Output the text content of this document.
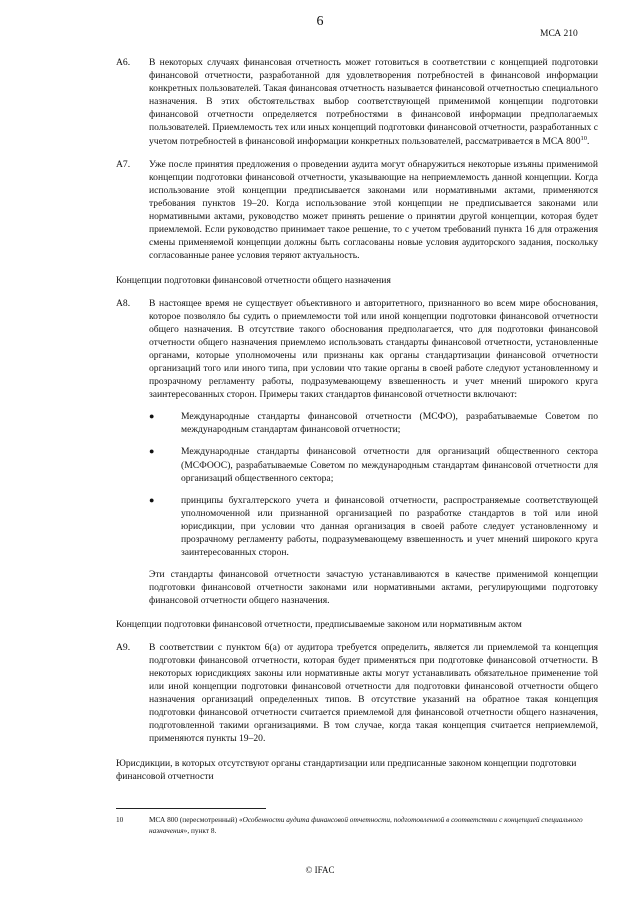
6
МСА 210
A6.	В некоторых случаях финансовая отчетность может готовиться в соответствии с концепцией подготовки финансовой отчетности, разработанной для удовлетворения потребностей в финансовой информации конкретных пользователей. Такая финансовая отчетность называется финансовой отчетностью специального назначения. В этих обстоятельствах выбор соответствующей применимой концепции подготовки финансовой отчетности определяется потребностями в финансовой информации предполагаемых пользователей. Приемлемость тех или иных концепций подготовки финансовой отчетности, разработанных с учетом потребностей в финансовой информации конкретных пользователей, рассматривается в МСА $800^{10}$.

A7.	Уже после принятия предложения о проведении аудита могут обнаружиться некоторые изъяны применимой концепции подготовки финансовой отчетности, указывающие на неприемлемость данной концепции. Когда использование этой концепции предписывается законами или нормативными актами, применяются требования пунктов 19–20. Когда использование этой концепции не предписывается законами или нормативными актами, руководство может принять решение о принятии другой концепции, которая будет приемлемой. Если руководство принимает такое решение, то с учетом требований пункта 16 для отражения смены применяемой концепции должны быть согласованы новые условия аудиторского задания, поскольку согласованные ранее условия теряют актуальность.

Концепции подготовки финансовой отчетности общего назначения
A8.	В настоящее время не существует объективного и авторитетного, признанного во всем мире обоснования, которое позволяло бы судить о приемлемости той или иной концепции подготовки финансовой отчетности общего назначения. В отсутствие такого обоснования предполагается, что для подготовки финансовой отчетности общего назначения приемлемо использовать стандарты финансовой отчетности, установленные органами, которые уполномочены или признаны как органы стандартизации финансовой отчетности организаций того или иного типа, при условии что такие органы в своей работе следуют установленному и прозрачному регламенту работы, подразумевающему взвешенность и учет мнений широкого круга заинтересованных сторон. Примеры таких стандартов финансовой отчетности включают:

●	Международные стандарты финансовой отчетности (МСФО), разрабатываемые Советом по международным стандартам финансовой отчетности;
●	Международные стандарты финансовой отчетности для организаций общественного сектора (МСФООС), разрабатываемые Советом по международным стандартам финансовой отчетности для организаций общественного сектора;
●	принципы бухгалтерского учета и финансовой отчетности, распространяемые соответствующей уполномоченной или признанной организацией по разработке стандартов в той или иной юрисдикции, при условии что данная организация в своей работе следует установленному и прозрачному регламенту работы, подразумевающему взвешенность и учет мнений широкого круга заинтересованных сторон.

Эти стандарты финансовой отчетности зачастую устанавливаются в качестве применимой концепции подготовки финансовой отчетности законами или нормативными актами, регулирующими подготовку финансовой отчетности общего назначения.

Концепции подготовки финансовой отчетности, предписываемые законом или нормативным актом
A9.	В соответствии с пунктом 6(а) от аудитора требуется определить, является ли приемлемой та концепция подготовки финансовой отчетности, которая будет применяться при подготовке финансовой отчетности. В некоторых юрисдикциях законы или нормативные акты могут устанавливать обязательное применение той или иной концепции подготовки финансовой отчетности для подготовки финансовой отчетности общего назначения организаций определенных типов. В отсутствие указаний на обратное такая концепция подготовки финансовой отчетности считается приемлемой для финансовой отчетности общего назначения, подготовленной такими организациями. В том случае, когда такая концепция считается неприемлемой, применяются пункты 19–20.

Юрисдикции, в которых отсутствуют органы стандартизации или предписанные законом концепции подготовки финансовой отчетности
10	МСА 800 (пересмотренный) «Особенности аудита финансовой отчетности, подготовленной в соответствии с концепцией специального назначения», пункт 8.

© IFAC
